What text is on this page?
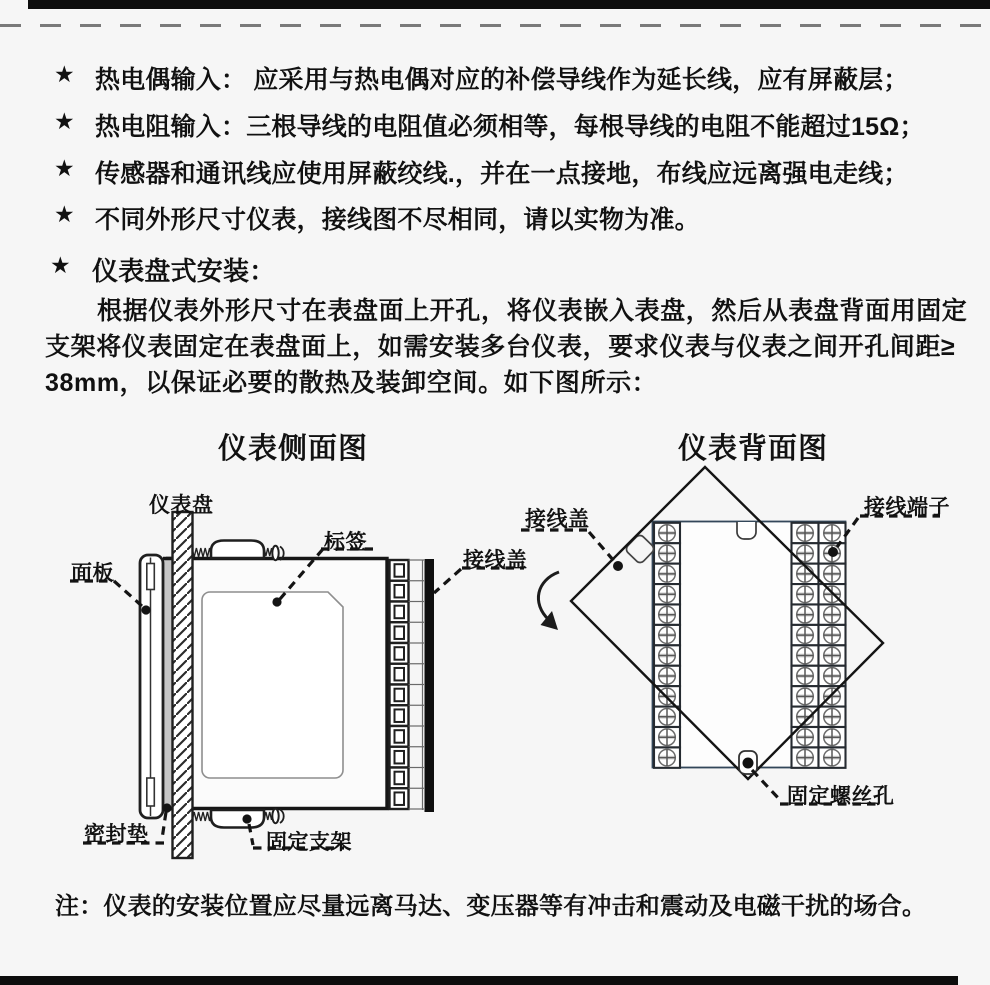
★ 热电偶输入： 应采用与热电偶对应的补偿导线作为延长线，应有屏蔽层；
★ 热电阻输入：三根导线的电阻值必须相等，每根导线的电阻不能超过15Ω；
★ 传感器和通讯线应使用屏蔽绞线.，并在一点接地，布线应远离强电走线；
★ 不同外形尺寸仪表，接线图不尽相同，请以实物为准。
★ 仪表盘式安装：
根据仪表外形尺寸在表盘面上开孔，将仪表嵌入表盘，然后从表盘背面用固定
支架将仪表固定在表盘面上，如需安装多台仪表，要求仪表与仪表之间开孔间距≥
38mm，以保证必要的散热及装卸空间。如下图所示：
仪表侧面图	仪表背面图
仪表盘
面板
标签
接线盖
密封垫	固定支架
接线盖
接线端子
固定螺丝孔
注：仪表的安装位置应尽量远离马达、变压器等有冲击和震动及电磁干扰的场合。
